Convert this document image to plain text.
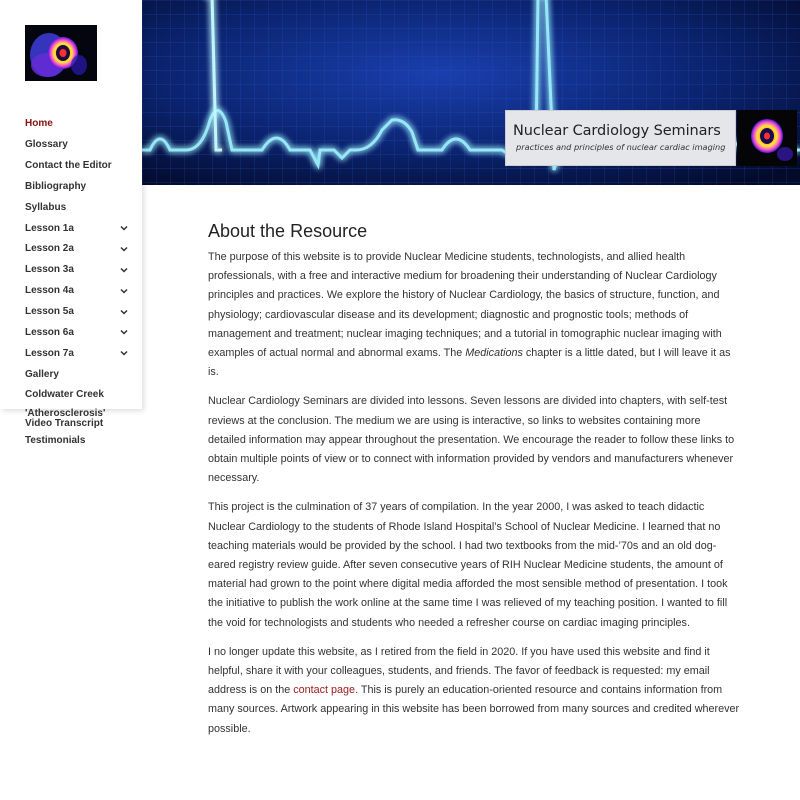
Home
Glossary
Contact the Editor
Bibliography
Syllabus
Lesson 1a
Lesson 2a
Lesson 3a
Lesson 4a
Lesson 5a
Lesson 6a
Lesson 7a
Gallery
Coldwater Creek
'Atherosclerosis' Video Transcript
Testimonials
Nuclear Cardiology Seminars
practices and principles of nuclear cardiac imaging
About the Resource

The purpose of this website is to provide Nuclear Medicine students, technologists, and allied health professionals, with a free and interactive medium for broadening their understanding of Nuclear Cardiology principles and practices. We explore the history of Nuclear Cardiology, the basics of structure, function, and physiology; cardiovascular disease and its development; diagnostic and prognostic tools; methods of management and treatment; nuclear imaging techniques; and a tutorial in tomographic nuclear imaging with examples of actual normal and abnormal exams. The Medications chapter is a little dated, but I will leave it as is.

Nuclear Cardiology Seminars are divided into lessons. Seven lessons are divided into chapters, with self-test reviews at the conclusion. The medium we are using is interactive, so links to websites containing more detailed information may appear throughout the presentation. We encourage the reader to follow these links to obtain multiple points of view or to connect with information provided by vendors and manufacturers whenever necessary.

This project is the culmination of 37 years of compilation. In the year 2000, I was asked to teach didactic Nuclear Cardiology to the students of Rhode Island Hospital’s School of Nuclear Medicine. I learned that no teaching materials would be provided by the school. I had two textbooks from the mid-’70s and an old dog-eared registry review guide. After seven consecutive years of RIH Nuclear Medicine students, the amount of material had grown to the point where digital media afforded the most sensible method of presentation. I took the initiative to publish the work online at the same time I was relieved of my teaching position. I wanted to fill the void for technologists and students who needed a refresher course on cardiac imaging principles.

I no longer update this website, as I retired from the field in 2020. If you have used this website and find it helpful, share it with your colleagues, students, and friends. The favor of feedback is requested: my email address is on the contact page. This is purely an education-oriented resource and contains information from many sources. Artwork appearing in this website has been borrowed from many sources and credited wherever possible.
